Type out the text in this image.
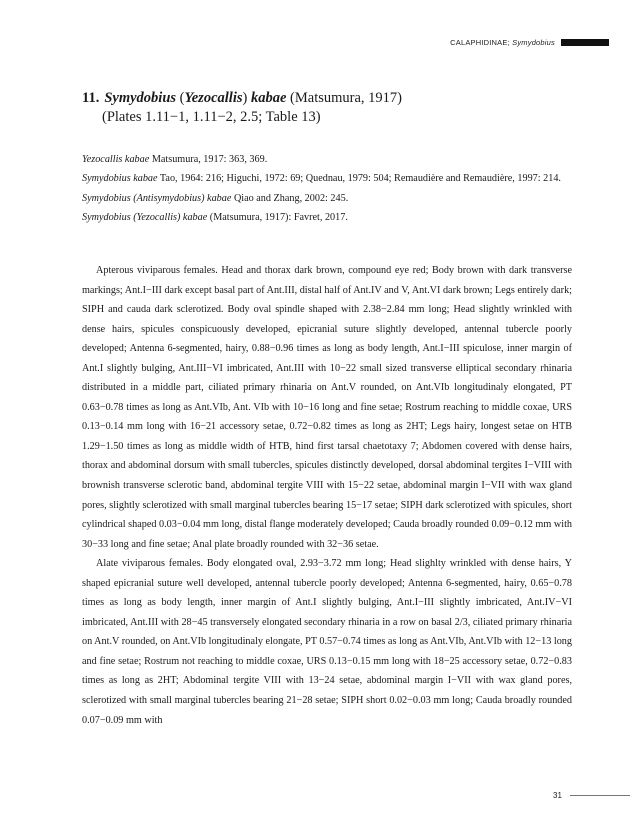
CALAPHIDINAE; Symydobius
11. Symydobius (Yezocallis) kabae (Matsumura, 1917)
(Plates 1.11−1, 1.11−2, 2.5; Table 13)
Yezocallis kabae Matsumura, 1917: 363, 369.
Symydobius kabae Tao, 1964: 216; Higuchi, 1972: 69; Quednau, 1979: 504; Remaudière and Remaudière, 1997: 214.
Symydobius (Antisymydobius) kabae Qiao and Zhang, 2002: 245.
Symydobius (Yezocallis) kabae (Matsumura, 1917): Favret, 2017.

Apterous viviparous females. Head and thorax dark brown, compound eye red; Body brown with dark transverse markings; Ant.I−III dark except basal part of Ant.III, distal half of Ant.IV and V, Ant.VI dark brown; Legs entirely dark; SIPH and cauda dark sclerotized. Body oval spindle shaped with 2.38−2.84 mm long; Head slightly wrinkled with dense hairs, spicules conspicuously developed, epicranial suture slightly developed, antennal tubercle poorly developed; Antenna 6-segmented, hairy, 0.88−0.96 times as long as body length, Ant.I−III spiculose, inner margin of Ant.I slightly bulging, Ant.III−VI imbricated, Ant.III with 10−22 small sized transverse elliptical secondary rhinaria distributed in a middle part, ciliated primary rhinaria on Ant.V rounded, on Ant.VIb longitudinaly elongated, PT 0.63−0.78 times as long as Ant.VIb, Ant. VIb with 10−16 long and fine setae; Rostrum reaching to middle coxae, URS 0.13−0.14 mm long with 16−21 accessory setae, 0.72−0.82 times as long as 2HT; Legs hairy, longest setae on HTB 1.29−1.50 times as long as middle width of HTB, hind first tarsal chaetotaxy 7; Abdomen covered with dense hairs, thorax and abdominal dorsum with small tubercles, spicules distinctly developed, dorsal abdominal tergites I−VIII with brownish transverse sclerotic band, abdominal tergite VIII with 15−22 setae, abdominal margin I−VII with wax gland pores, slightly sclerotized with small marginal tubercles bearing 15−17 setae; SIPH dark sclerotized with spicules, short cylindrical shaped 0.03−0.04 mm long, distal flange moderately developed; Cauda broadly rounded 0.09−0.12 mm with 30−33 long and fine setae; Anal plate broadly rounded with 32−36 setae.

Alate viviparous females. Body elongated oval, 2.93−3.72 mm long; Head slighlty wrinkled with dense hairs, Y shaped epicranial suture well developed, antennal tubercle poorly developed; Antenna 6-segmented, hairy, 0.65−0.78 times as long as body length, inner margin of Ant.I slightly bulging, Ant.I−III slightly imbricated, Ant.IV−VI imbricated, Ant.III with 28−45 transversely elongated secondary rhinaria in a row on basal 2/3, ciliated primary rhinaria on Ant.V rounded, on Ant.VIb longitudinaly elongate, PT 0.57−0.74 times as long as Ant.VIb, Ant.VIb with 12−13 long and fine setae; Rostrum not reaching to middle coxae, URS 0.13−0.15 mm long with 18−25 accessory setae, 0.72−0.83 times as long as 2HT; Abdominal tergite VIII with 13−24 setae, abdominal margin I−VII with wax gland pores, sclerotized with small marginal tubercles bearing 21−28 setae; SIPH short 0.02−0.03 mm long; Cauda broadly rounded 0.07−0.09 mm with

31
